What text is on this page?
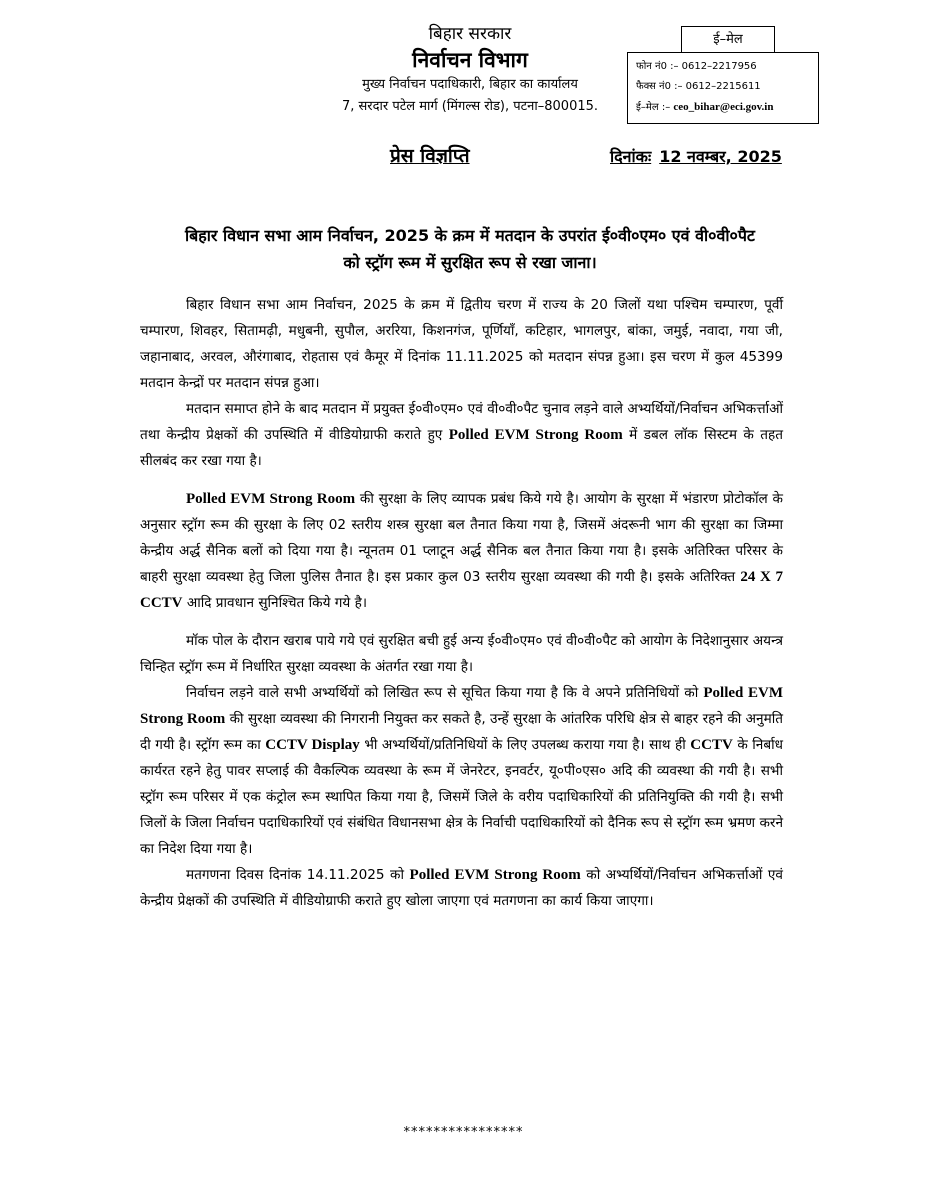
बिहार सरकार
निर्वाचन विभाग
मुख्य निर्वाचन पदाधिकारी, बिहार का कार्यालय
7, सरदार पटेल मार्ग (मिंगल्स रोड), पटना–800015.
ई–मेल
फोन नं0 :– 0612–2217956
फैक्स नं0 :– 0612–2215611
ई–मेल :– ceo_bihar@eci.gov.in
प्रेस विज्ञप्ति	दिनांकः 12 नवम्बर, 2025
बिहार विधान सभा आम निर्वाचन, 2025 के क्रम में मतदान के उपरांत ई०वी०एम० एवं वी०वी०पैट
को स्ट्रॉग रूम में सुरक्षित रूप से रखा जाना।

बिहार विधान सभा आम निर्वाचन, 2025 के क्रम में द्वितीय चरण में राज्य के 20 जिलों यथा पश्चिम चम्पारण, पूर्वी चम्पारण, शिवहर, सितामढ़ी, मधुबनी, सुपौल, अररिया, किशनगंज, पूर्णियाँ, कटिहार, भागलपुर, बांका, जमुई, नवादा, गया जी, जहानाबाद, अरवल, औरंगाबाद, रोहतास एवं कैमूर में दिनांक 11.11.2025 को मतदान संपन्न हुआ। इस चरण में कुल 45399 मतदान केन्द्रों पर मतदान संपन्न हुआ।

मतदान समाप्त होने के बाद मतदान में प्रयुक्त ई०वी०एम० एवं वी०वी०पैट चुनाव लड़ने वाले अभ्यर्थियों/निर्वाचन अभिकर्त्ताओं तथा केन्द्रीय प्रेक्षकों की उपस्थिति में वीडियोग्राफी कराते हुए Polled EVM Strong Room में डबल लॉक सिस्टम के तहत सीलबंद कर रखा गया है।

Polled EVM Strong Room की सुरक्षा के लिए व्यापक प्रबंध किये गये है। आयोग के सुरक्षा में भंडारण प्रोटोकॉल के अनुसार स्ट्रॉग रूम की सुरक्षा के लिए 02 स्तरीय शस्त्र सुरक्षा बल तैनात किया गया है, जिसमें अंदरूनी भाग की सुरक्षा का जिम्मा केन्द्रीय अर्द्ध सैनिक बलों को दिया गया है। न्यूनतम 01 प्लाटून अर्द्ध सैनिक बल तैनात किया गया है। इसके अतिरिक्त परिसर के बाहरी सुरक्षा व्यवस्था हेतु जिला पुलिस तैनात है। इस प्रकार कुल 03 स्तरीय सुरक्षा व्यवस्था की गयी है। इसके अतिरिक्त 24 X 7 CCTV आदि प्रावधान सुनिश्चित किये गये है।

मॉक पोल के दौरान खराब पाये गये एवं सुरक्षित बची हुई अन्य ई०वी०एम० एवं वी०वी०पैट को आयोग के निदेशानुसार अयन्त्र चिन्हित स्ट्रॉग रूम में निर्धारित सुरक्षा व्यवस्था के अंतर्गत रखा गया है।

निर्वाचन लड़ने वाले सभी अभ्यर्थियों को लिखित रूप से सूचित किया गया है कि वे अपने प्रतिनिधियों को Polled EVM Strong Room की सुरक्षा व्यवस्था की निगरानी नियुक्त कर सकते है, उन्हें सुरक्षा के आंतरिक परिधि क्षेत्र से बाहर रहने की अनुमति दी गयी है। स्ट्रॉग रूम का CCTV Display भी अभ्यर्थियों/प्रतिनिधियों के लिए उपलब्ध कराया गया है। साथ ही CCTV के निर्बाध कार्यरत रहने हेतु पावर सप्लाई की वैकल्पिक व्यवस्था के रूम में जेनरेटर, इनवर्टर, यू०पी०एस० अदि की व्यवस्था की गयी है। सभी स्ट्रॉग रूम परिसर में एक कंट्रोल रूम स्थापित किया गया है, जिसमें जिले के वरीय पदाधिकारियों की प्रतिनियुक्ति की गयी है। सभी जिलों के जिला निर्वाचन पदाधिकारियों एवं संबंधित विधानसभा क्षेत्र के निर्वाची पदाधिकारियों को दैनिक रूप से स्ट्रॉग रूम भ्रमण करने का निदेश दिया गया है।

मतगणना दिवस दिनांक 14.11.2025 को Polled EVM Strong Room को अभ्यर्थियों/निर्वाचन अभिकर्त्ताओं एवं केन्द्रीय प्रेक्षकों की उपस्थिति में वीडियोग्राफी कराते हुए खोला जाएगा एवं मतगणना का कार्य किया जाएगा।

****************
